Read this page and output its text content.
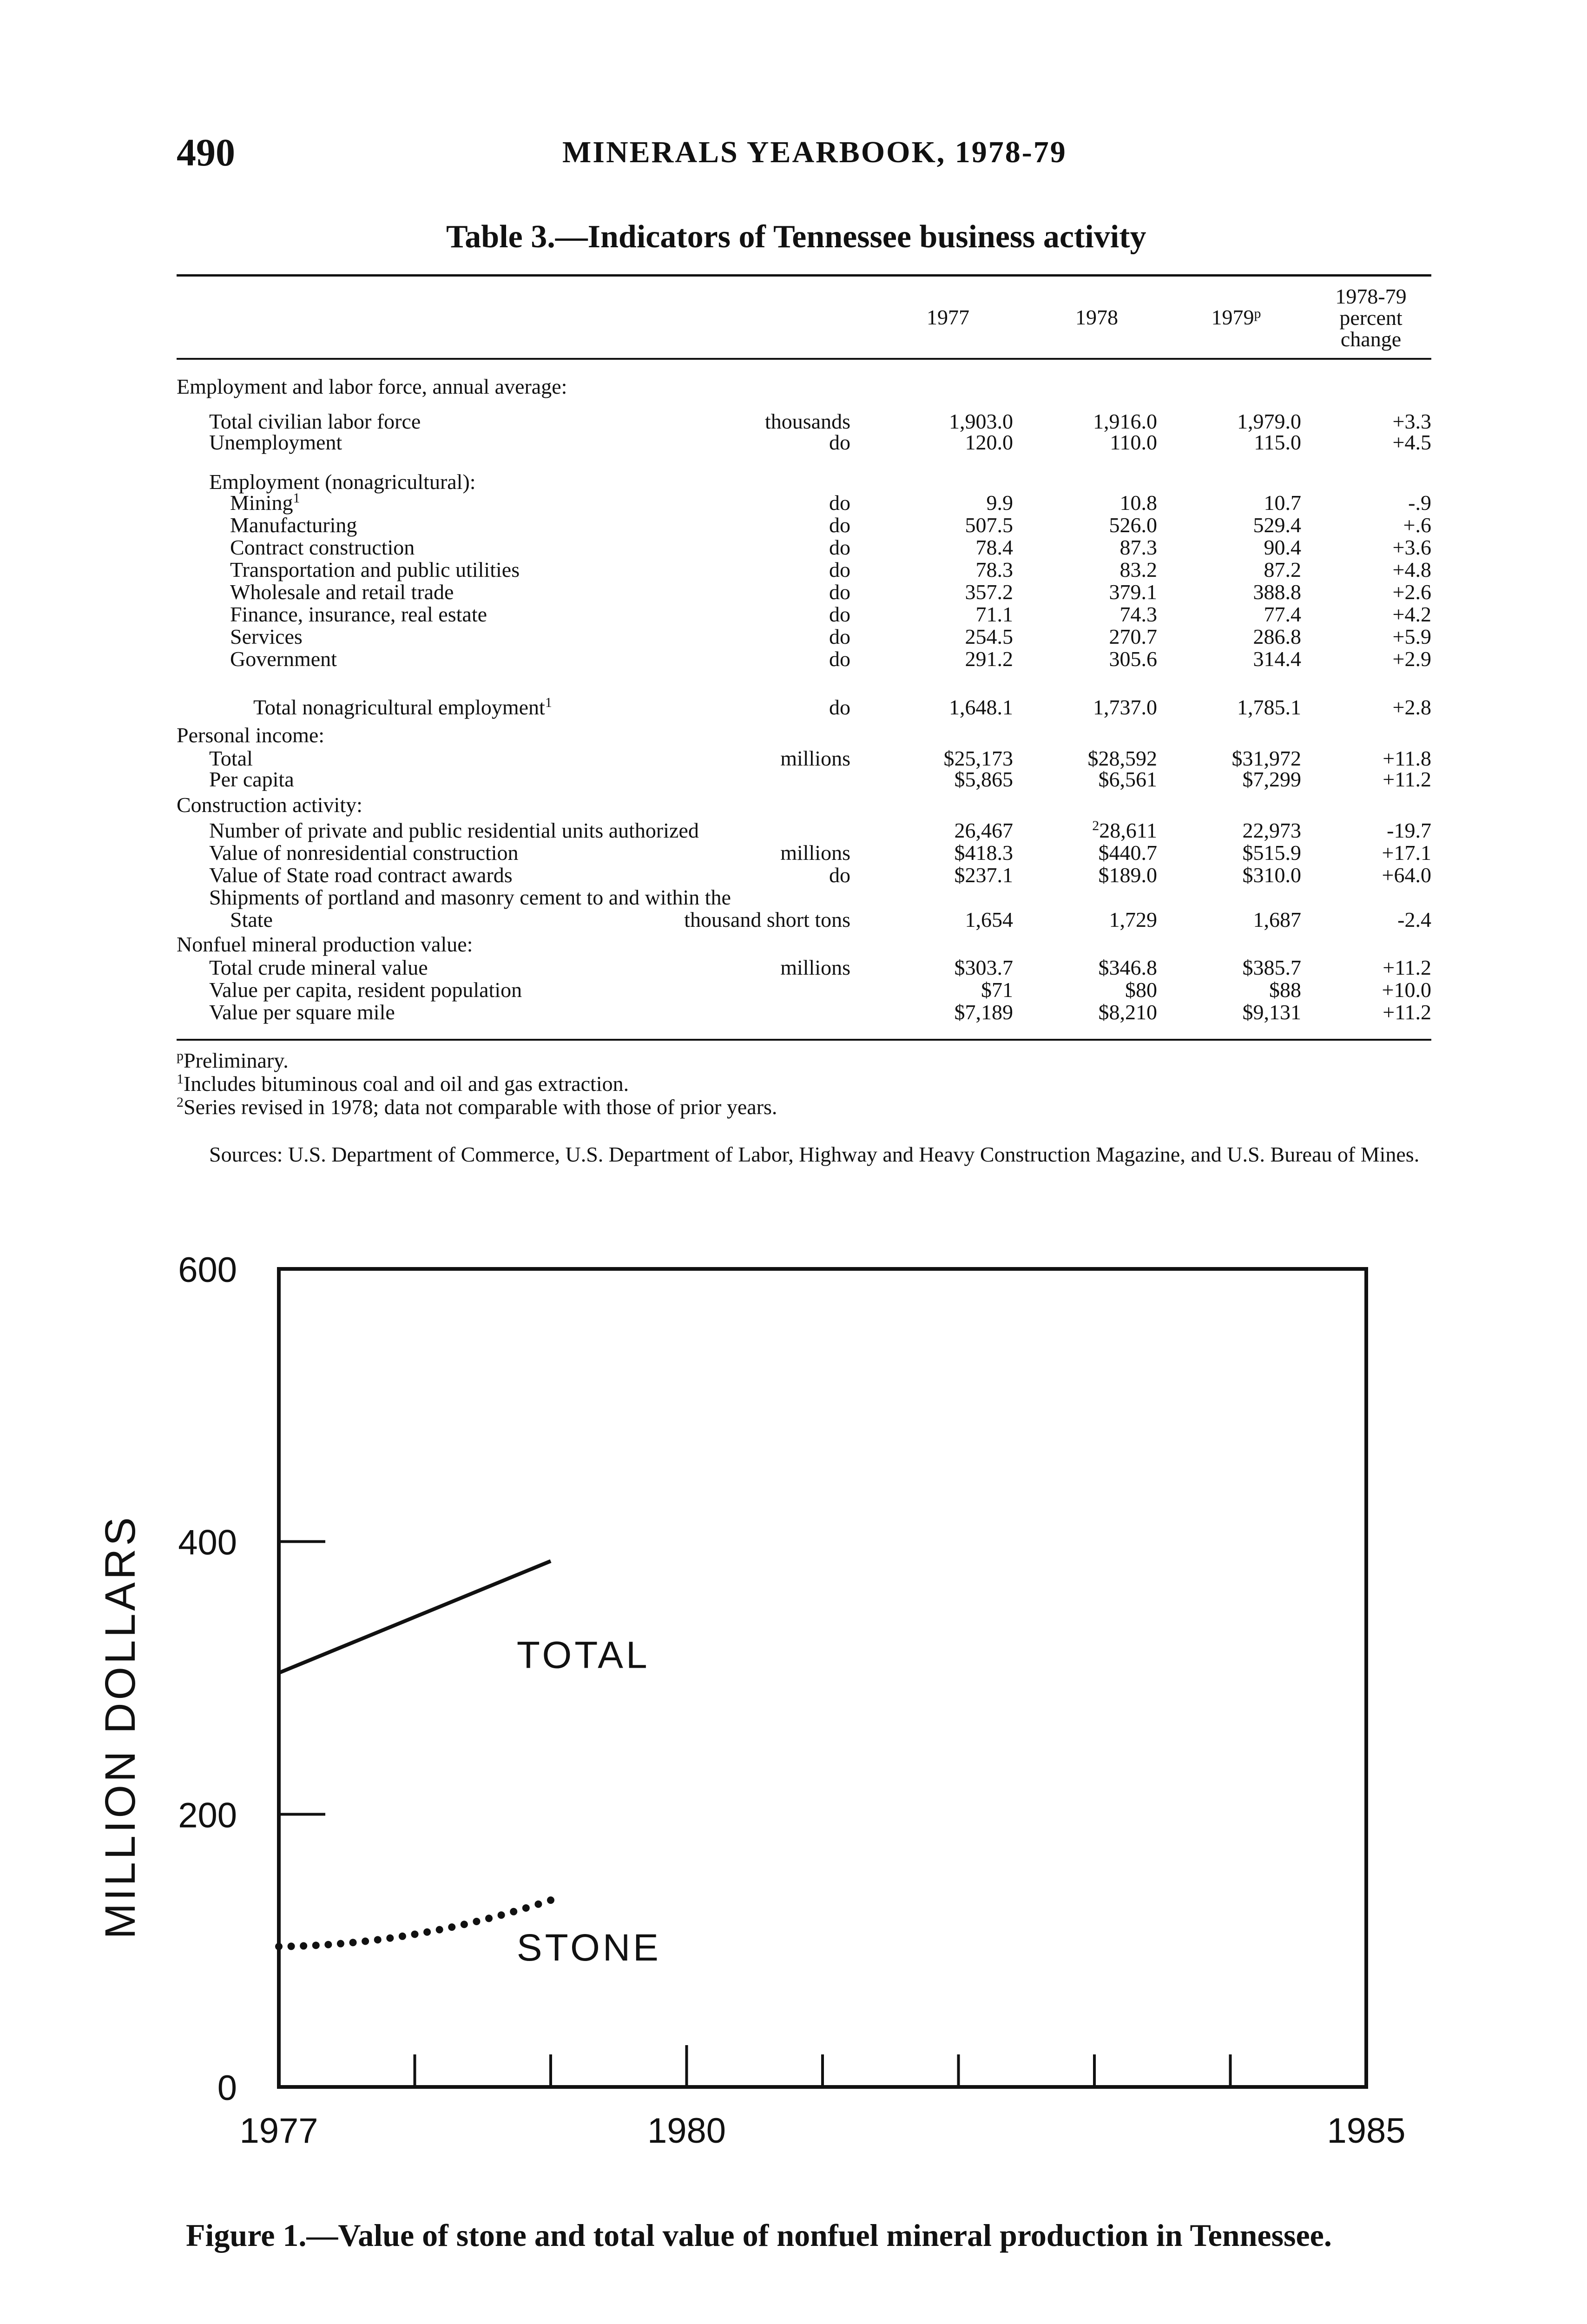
490	MINERALS YEARBOOK, 1978-79
Table 3.—Indicators of Tennessee business activity
1977	1978	1979$^p$
1978-79
percent
change
Employment and labor force, annual average:
Employment (nonagricultural):
Personal income:
Construction activity:
Nonfuel mineral production value:
Total civilian labor force	thousands	1,903.0	1,916.0	1,979.0	+3.3
Unemployment	do	120.0	110.0	115.0	+4.5
Mining$^1$	do	9.9	10.8	10.7	-.9
Manufacturing	do	507.5	526.0	529.4	+.6
Contract construction	do	78.4	87.3	90.4	+3.6
Transportation and public utilities	do	78.3	83.2	87.2	+4.8
Wholesale and retail trade	do	357.2	379.1	388.8	+2.6
Finance, insurance, real estate	do	71.1	74.3	77.4	+4.2
Services	do	254.5	270.7	286.8	+5.9
Government	do	291.2	305.6	314.4	+2.9
Total nonagricultural employment$^1$	do	1,648.1	1,737.0	1,785.1	+2.8
Total	millions	$25,173	$28,592	$31,972	+11.8
Per capita	$5,865	$6,561	$7,299	+11.2
Number of private and public residential units authorized	26,467	$^2$28,611	22,973	-19.7
Value of nonresidential construction	millions	$418.3	$440.7	$515.9	+17.1
Value of State road contract awards	do	$237.1	$189.0	$310.0	+64.0
Shipments of portland and masonry cement to and within the
State	thousand short tons	1,654	1,729	1,687	-2.4
Total crude mineral value	millions	$303.7	$346.8	$385.7	+11.2
Value per capita, resident population	$71	$80	$88	+10.0
Value per square mile	$7,189	$8,210	$9,131	+11.2
$^p$Preliminary.
$^1$Includes bituminous coal and oil and gas extraction.
$^2$Series revised in 1978; data not comparable with those of prior years.
Sources: U.S. Department of Commerce, U.S. Department of Labor, Highway and Heavy Construction Magazine, and U.S. Bureau of Mines.
MILLION DOLLARS
0
200
400
600
1977	1980	1985
TOTAL
STONE
Figure 1.—Value of stone and total value of nonfuel mineral production in Tennessee.
